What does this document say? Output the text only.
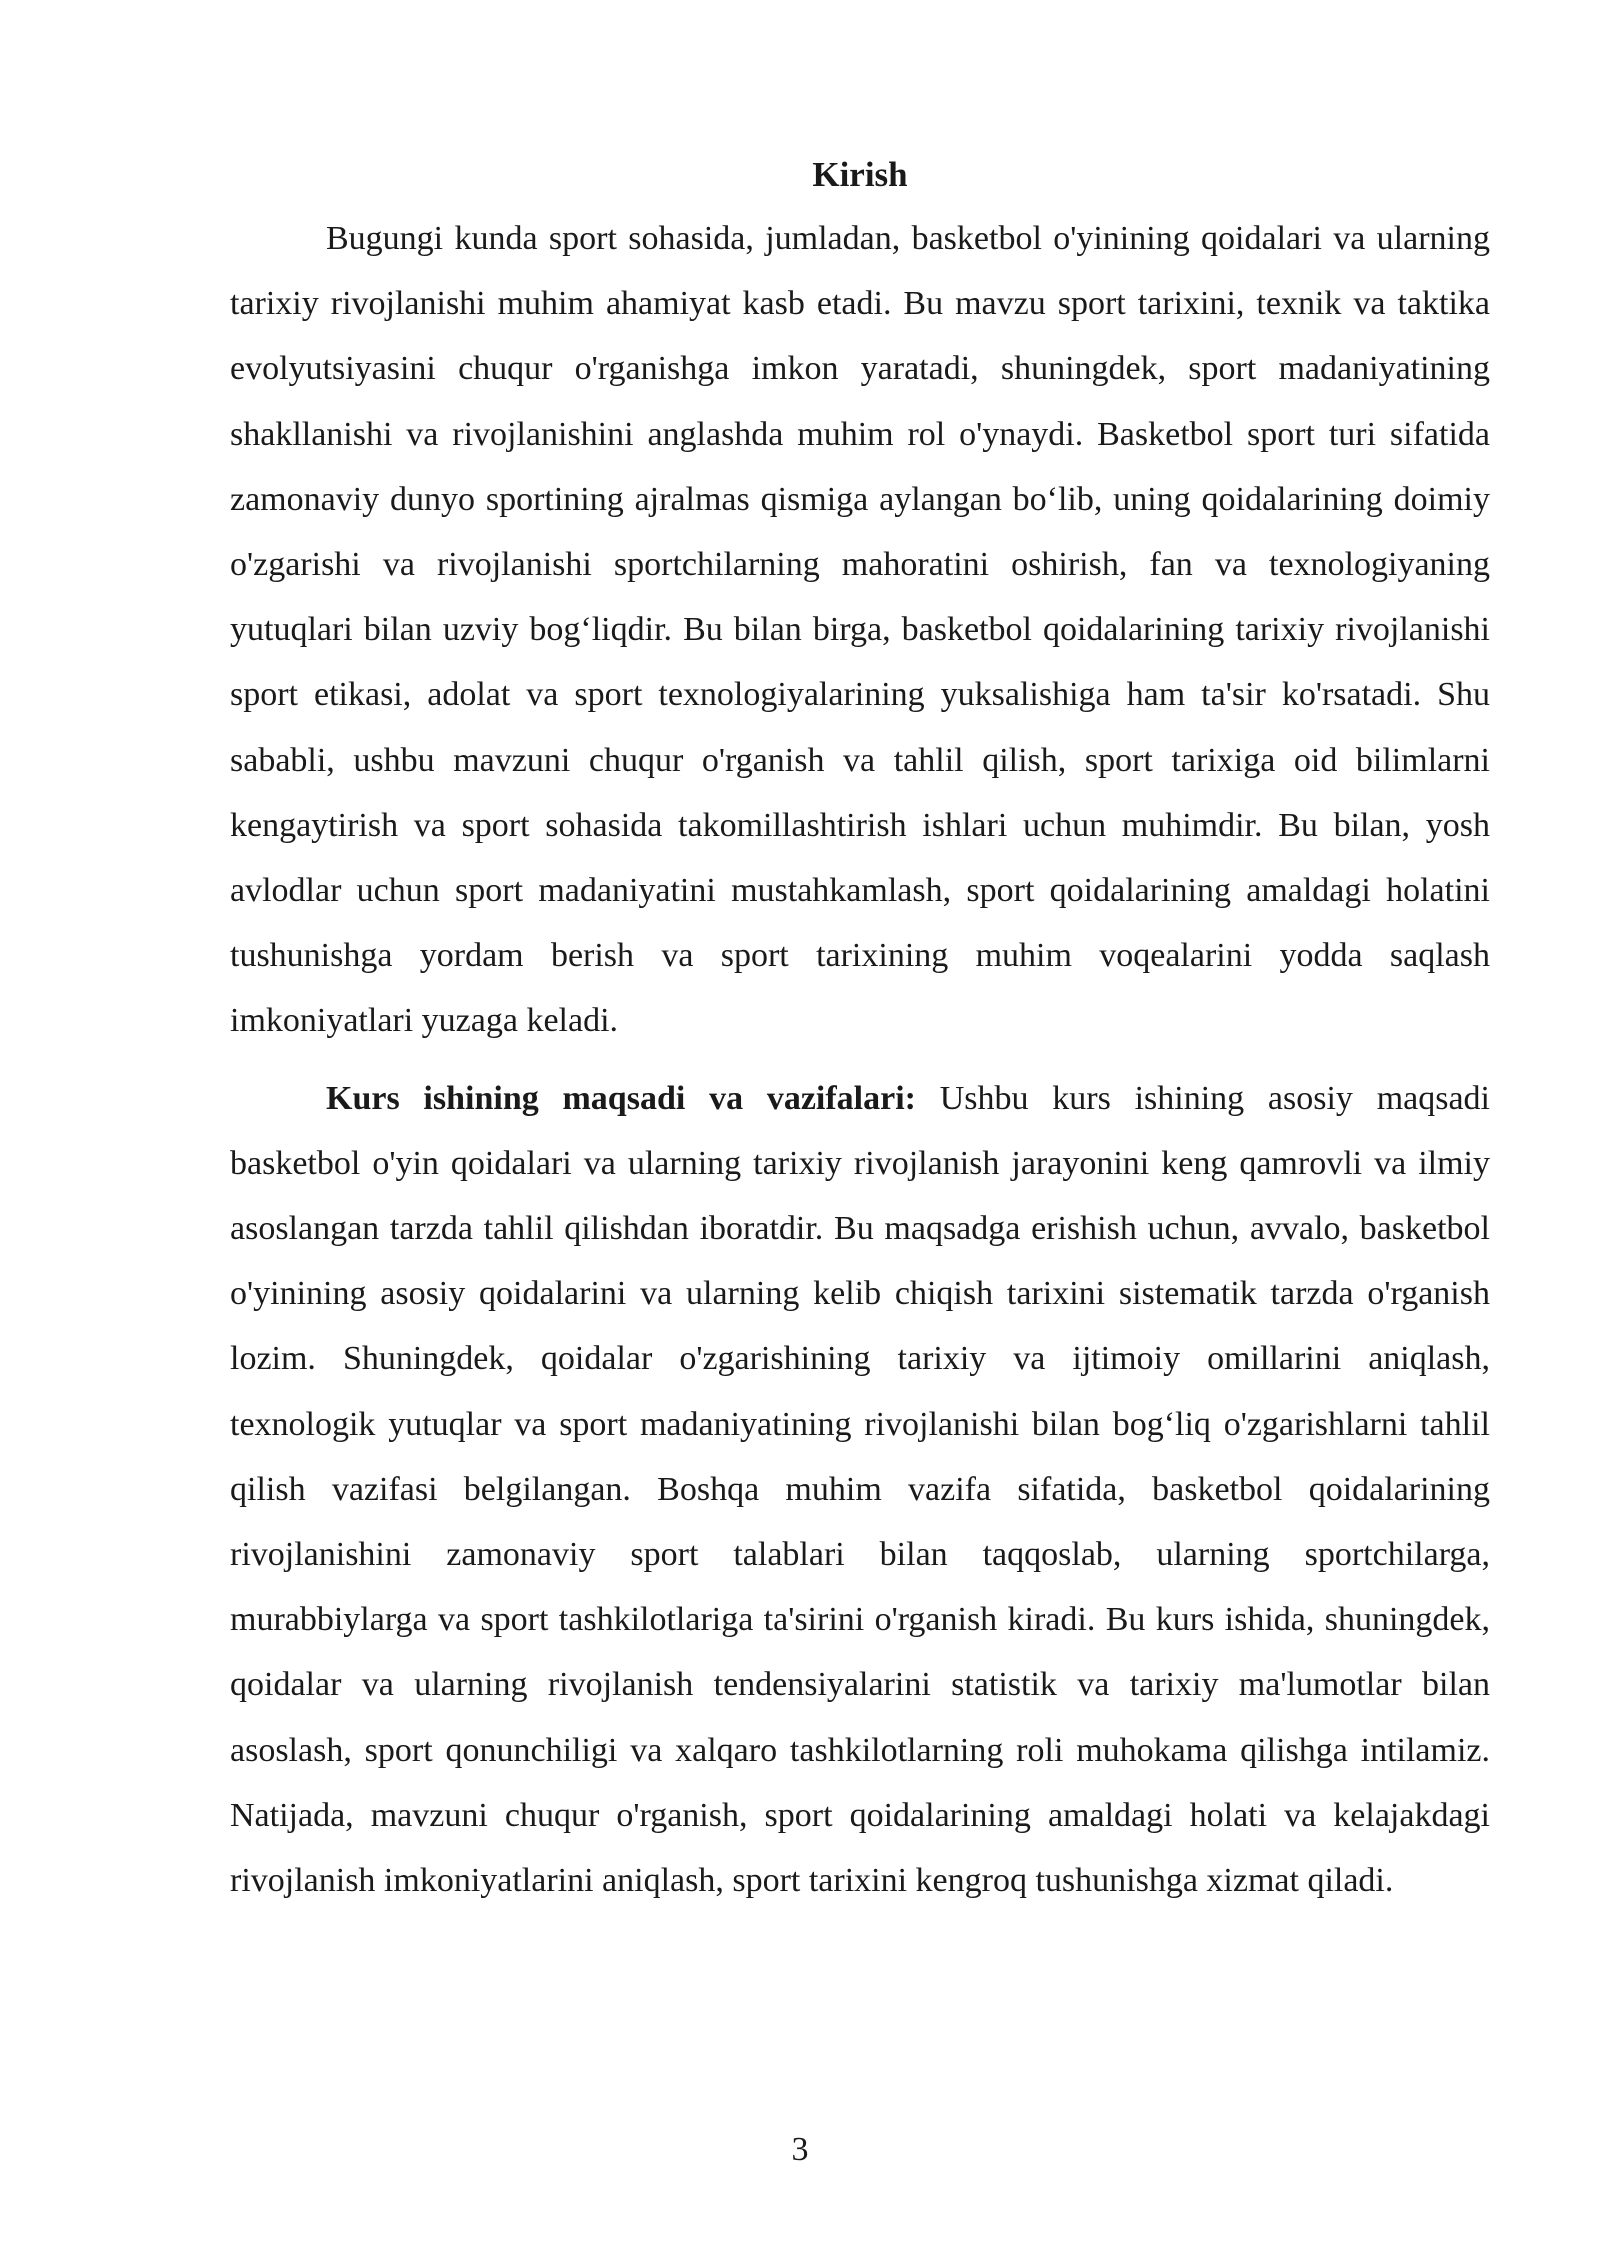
Kirish

Bugungi kunda sport sohasida, jumladan, basketbol o'yinining qoidalari va ularning tarixiy rivojlanishi muhim ahamiyat kasb etadi. Bu mavzu sport tarixini, texnik va taktika evolyutsiyasini chuqur o'rganishga imkon yaratadi, shuningdek, sport madaniyatining shakllanishi va rivojlanishini anglashda muhim rol o'ynaydi. Basketbol sport turi sifatida zamonaviy dunyo sportining ajralmas qismiga aylangan bo‘lib, uning qoidalarining doimiy o'zgarishi va rivojlanishi sportchilarning mahoratini oshirish, fan va texnologiyaning yutuqlari bilan uzviy bog‘liqdir. Bu bilan birga, basketbol qoidalarining tarixiy rivojlanishi sport etikasi, adolat va sport texnologiyalarining yuksalishiga ham ta'sir ko'rsatadi. Shu sababli, ushbu mavzuni chuqur o'rganish va tahlil qilish, sport tarixiga oid bilimlarni kengaytirish va sport sohasida takomillashtirish ishlari uchun muhimdir. Bu bilan, yosh avlodlar uchun sport madaniyatini mustahkamlash, sport qoidalarining amaldagi holatini tushunishga yordam berish va sport tarixining muhim voqealarini yodda saqlash imkoniyatlari yuzaga keladi.

Kurs ishining maqsadi va vazifalari: Ushbu kurs ishining asosiy maqsadi basketbol o'yin qoidalari va ularning tarixiy rivojlanish jarayonini keng qamrovli va ilmiy asoslangan tarzda tahlil qilishdan iboratdir. Bu maqsadga erishish uchun, avvalo, basketbol o'yinining asosiy qoidalarini va ularning kelib chiqish tarixini sistematik tarzda o'rganish lozim. Shuningdek, qoidalar o'zgarishining tarixiy va ijtimoiy omillarini aniqlash, texnologik yutuqlar va sport madaniyatining rivojlanishi bilan bog‘liq o'zgarishlarni tahlil qilish vazifasi belgilangan. Boshqa muhim vazifa sifatida, basketbol qoidalarining rivojlanishini zamonaviy sport talablari bilan taqqoslab, ularning sportchilarga, murabbiylarga va sport tashkilotlariga ta'sirini o'rganish kiradi. Bu kurs ishida, shuningdek, qoidalar va ularning rivojlanish tendensiyalarini statistik va tarixiy ma'lumotlar bilan asoslash, sport qonunchiligi va xalqaro tashkilotlarning roli muhokama qilishga intilamiz. Natijada, mavzuni chuqur o'rganish, sport qoidalarining amaldagi holati va kelajakdagi rivojlanish imkoniyatlarini aniqlash, sport tarixini kengroq tushunishga xizmat qiladi.

3
